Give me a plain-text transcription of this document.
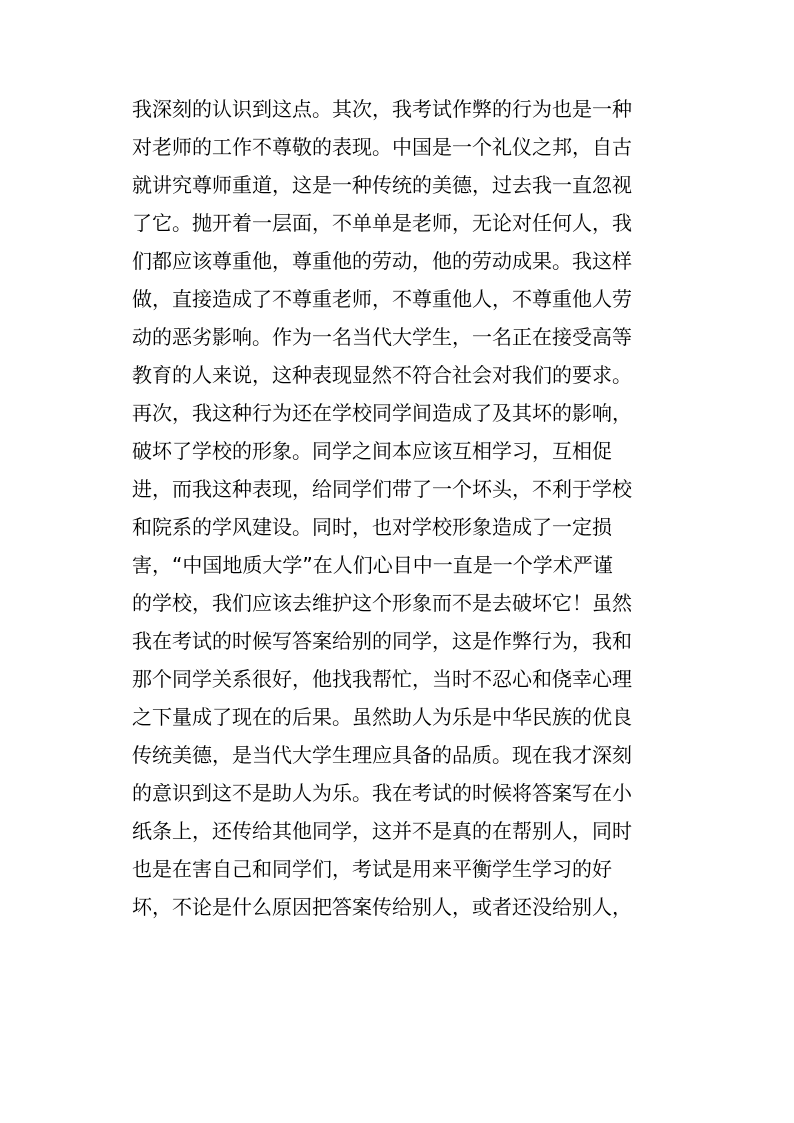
我深刻的认识到这点。其次，我考试作弊的行为也是一种
对老师的工作不尊敬的表现。中国是一个礼仪之邦，自古
就讲究尊师重道，这是一种传统的美德，过去我一直忽视
了它。抛开着一层面，不单单是老师，无论对任何人，我
们都应该尊重他，尊重他的劳动，他的劳动成果。我这样
做，直接造成了不尊重老师，不尊重他人，不尊重他人劳
动的恶劣影响。作为一名当代大学生，一名正在接受高等
教育的人来说，这种表现显然不符合社会对我们的要求。
再次，我这种行为还在学校同学间造成了及其坏的影响，
破坏了学校的形象。同学之间本应该互相学习，互相促
进，而我这种表现，给同学们带了一个坏头，不利于学校
和院系的学风建设。同时，也对学校形象造成了一定损
害，“中国地质大学”在人们心目中一直是一个学术严谨
的学校，我们应该去维护这个形象而不是去破坏它！虽然
我在考试的时候写答案给别的同学，这是作弊行为，我和
那个同学关系很好，他找我帮忙，当时不忍心和侥幸心理
之下量成了现在的后果。虽然助人为乐是中华民族的优良
传统美德，是当代大学生理应具备的品质。现在我才深刻
的意识到这不是助人为乐。我在考试的时候将答案写在小
纸条上，还传给其他同学，这并不是真的在帮别人，同时
也是在害自己和同学们，考试是用来平衡学生学习的好
坏，不论是什么原因把答案传给别人，或者还没给别人，
